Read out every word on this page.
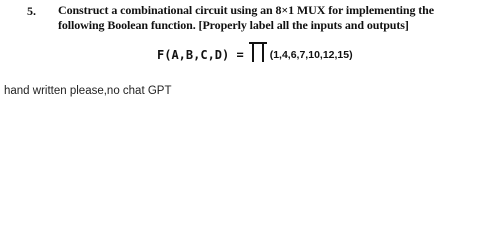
5. Construct a combinational circuit using an 8×1 MUX for implementing the
following Boolean function. [Properly label all the inputs and outputs]
F(A,B,C,D) = (1,4,6,7,10,12,15)
hand written please,no chat GPT
